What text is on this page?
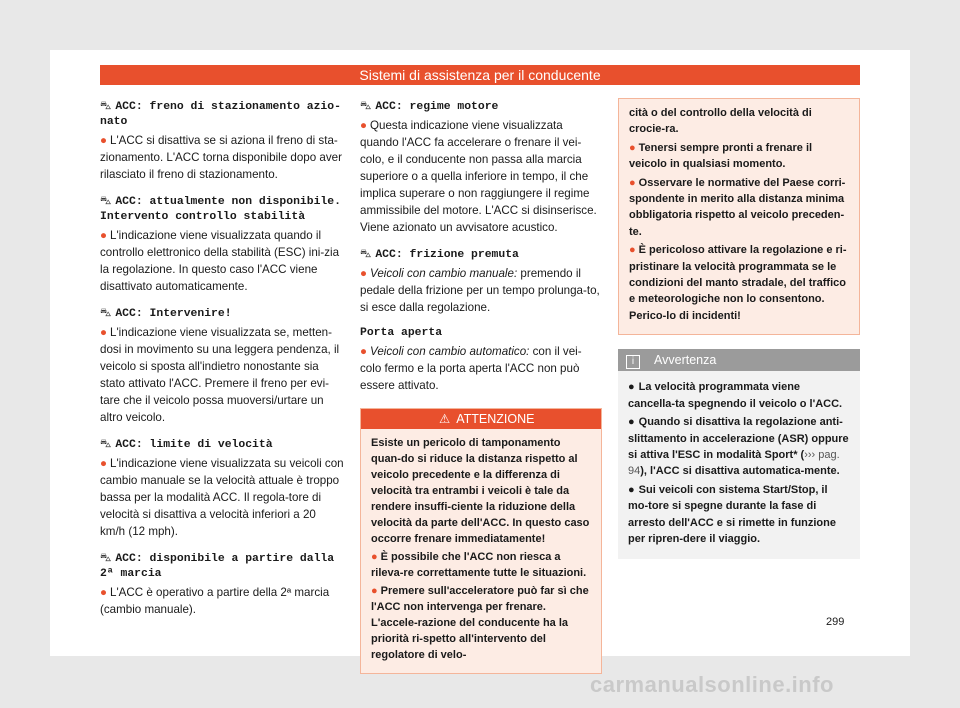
Sistemi di assistenza per il conducente
⛍ ACC: freno di stazionamento azio- nato
● L'ACC si disattiva se si aziona il freno di sta-zionamento. L'ACC torna disponibile dopo aver rilasciato il freno di stazionamento.
⛍ ACC: attualmente non disponibile. Intervento controllo stabilità
● L'indicazione viene visualizzata quando il controllo elettronico della stabilità (ESC) ini-zia la regolazione. In questo caso l'ACC viene disattivato automaticamente.
⛍ ACC: Intervenire!
● L'indicazione viene visualizzata se, metten-dosi in movimento su una leggera pendenza, il veicolo si sposta all'indietro nonostante sia stato attivato l'ACC. Premere il freno per evi-tare che il veicolo possa muoversi/urtare un altro veicolo.
⛍ ACC: limite di velocità
● L'indicazione viene visualizzata su veicoli con cambio manuale se la velocità attuale è troppo bassa per la modalità ACC. Il regola-tore di velocità si disattiva a velocità inferiori a 20 km/h (12 mph).
⛍ ACC: disponibile a partire dalla 2ª marcia
● L'ACC è operativo a partire della 2ª marcia (cambio manuale).
⛍ ACC: regime motore
● Questa indicazione viene visualizzata quando l'ACC fa accelerare o frenare il vei-colo, e il conducente non passa alla marcia superiore o a quella inferiore in tempo, il che implica superare o non raggiungere il regime ammissibile del motore. L'ACC si disinserisce. Viene azionato un avvisatore acustico.
⛍ ACC: frizione premuta
● Veicoli con cambio manuale: premendo il pedale della frizione per un tempo prolunga-to, si esce dalla regolazione.
Porta aperta
● Veicoli con cambio automatico: con il vei-colo fermo e la porta aperta l'ACC non può essere attivato.
⚠ ATTENZIONE
Esiste un pericolo di tamponamento quan-do si riduce la distanza rispetto al veicolo precedente e la differenza di velocità tra entrambi i veicoli è tale da rendere insuffi-ciente la riduzione della velocità da parte dell'ACC. In questo caso occorre frenare immediatamente!
● È possibile che l'ACC non riesca a rileva-re correttamente tutte le situazioni.
● Premere sull'acceleratore può far sì che l'ACC non intervenga per frenare. L'accele-razione del conducente ha la priorità ri-spetto all'intervento del regolatore di velo-
cità o del controllo della velocità di crocie-ra.
● Tenersi sempre pronti a frenare il veicolo in qualsiasi momento.
● Osservare le normative del Paese corri-spondente in merito alla distanza minima obbligatoria rispetto al veicolo preceden-te.
● È pericoloso attivare la regolazione e ri-pristinare la velocità programmata se le condizioni del manto stradale, del traffico e meteorologiche non lo consentono. Perico-lo di incidenti!
i Avvertenza
● La velocità programmata viene cancella-ta spegnendo il veicolo o l'ACC.
● Quando si disattiva la regolazione anti-slittamento in accelerazione (ASR) oppure si attiva l'ESC in modalità Sport* (››› pag. 94), l'ACC si disattiva automatica-mente.
● Sui veicoli con sistema Start/Stop, il mo-tore si spegne durante la fase di arresto dell'ACC e si rimette in funzione per ripren-dere il viaggio.
299
carmanualsonline.info
